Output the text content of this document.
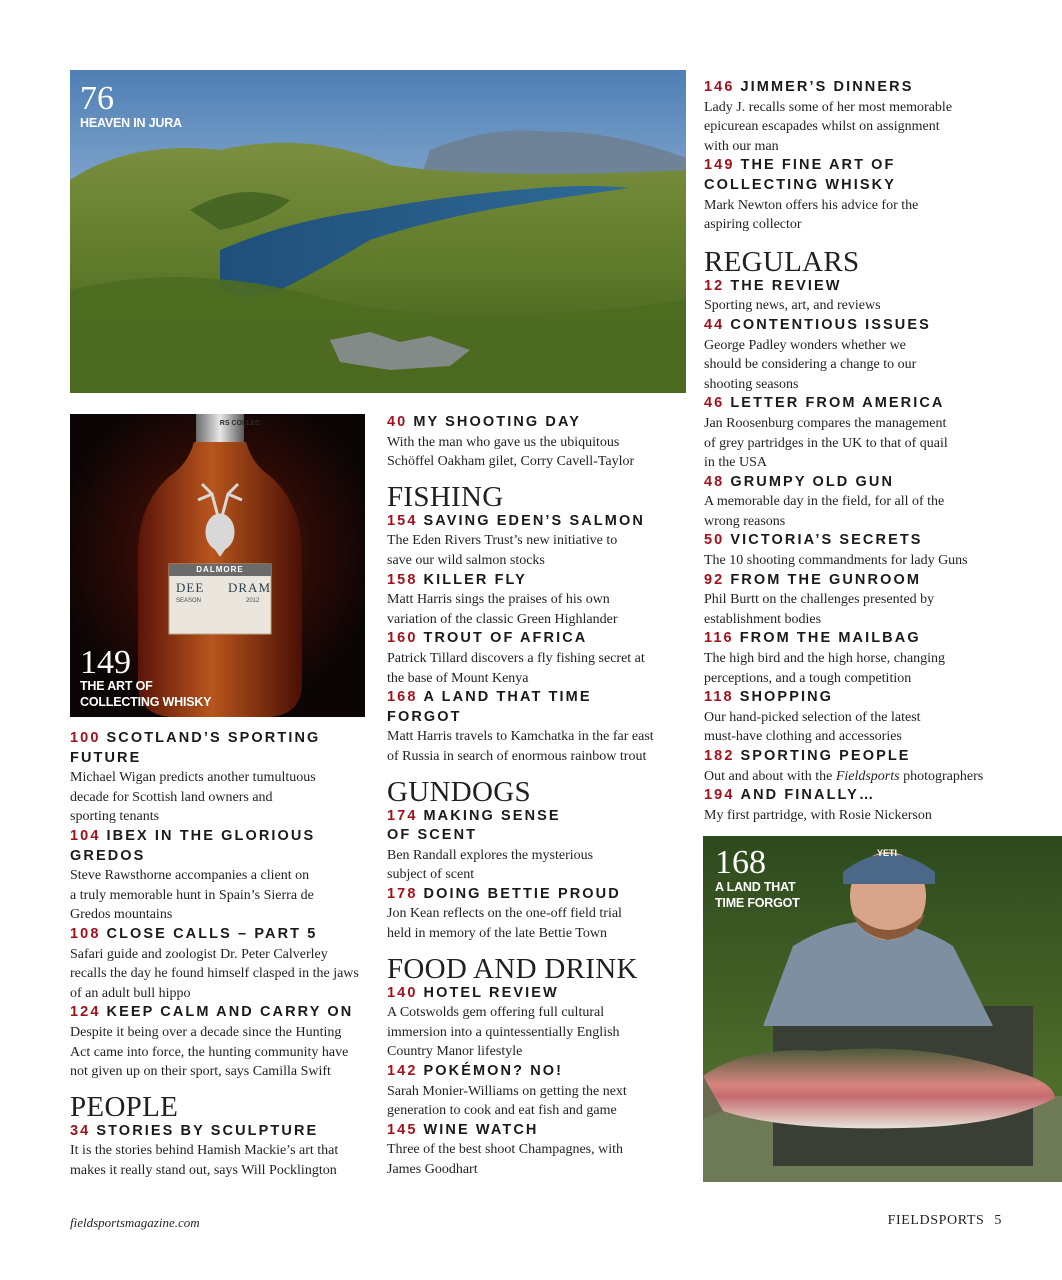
76
HEAVEN IN JURA
RS COLLEC
DALMORE
DEE DRAM
SEASON	2012
149
THE ART OF
COLLECTING WHISKY
YETI
168
A LAND THAT
TIME FORGOT
100 SCOTLAND’S SPORTING
FUTURE
Michael Wigan predicts another tumultuous
decade for Scottish land owners and
sporting tenants
104 IBEX IN THE GLORIOUS
GREDOS
Steve Rawsthorne accompanies a client on
a truly memorable hunt in Spain’s Sierra de
Gredos mountains
108 CLOSE CALLS – PART 5
Safari guide and zoologist Dr. Peter Calverley
recalls the day he found himself clasped in the jaws
of an adult bull hippo
124 KEEP CALM AND CARRY ON
Despite it being over a decade since the Hunting
Act came into force, the hunting community have
not given up on their sport, says Camilla Swift
PEOPLE
34 STORIES BY SCULPTURE
It is the stories behind Hamish Mackie’s art that
makes it really stand out, says Will Pocklington
40 MY SHOOTING DAY
With the man who gave us the ubiquitous
Schöffel Oakham gilet, Corry Cavell-Taylor
FISHING
154 SAVING EDEN’S SALMON
The Eden Rivers Trust’s new initiative to
save our wild salmon stocks
158 KILLER FLY
Matt Harris sings the praises of his own
variation of the classic Green Highlander
160 TROUT OF AFRICA
Patrick Tillard discovers a fly fishing secret at
the base of Mount Kenya
168 A LAND THAT TIME
FORGOT
Matt Harris travels to Kamchatka in the far east
of Russia in search of enormous rainbow trout
GUNDOGS
174 MAKING SENSE
OF SCENT
Ben Randall explores the mysterious
subject of scent
178 DOING BETTIE PROUD
Jon Kean reflects on the one-off field trial
held in memory of the late Bettie Town
FOOD AND DRINK
140 HOTEL REVIEW
A Cotswolds gem offering full cultural
immersion into a quintessentially English
Country Manor lifestyle
142 POKÉMON? NO!
Sarah Monier-Williams on getting the next
generation to cook and eat fish and game
145 WINE WATCH
Three of the best shoot Champagnes, with
James Goodhart
146 JIMMER’S DINNERS
Lady J. recalls some of her most memorable
epicurean escapades whilst on assignment
with our man
149 THE FINE ART OF
COLLECTING WHISKY
Mark Newton offers his advice for the
aspiring collector
REGULARS
12 THE REVIEW
Sporting news, art, and reviews
44 CONTENTIOUS ISSUES
George Padley wonders whether we
should be considering a change to our
shooting seasons
46 LETTER FROM AMERICA
Jan Roosenburg compares the management
of grey partridges in the UK to that of quail
in the USA
48 GRUMPY OLD GUN
A memorable day in the field, for all of the
wrong reasons
50 VICTORIA’S SECRETS
The 10 shooting commandments for lady Guns
92 FROM THE GUNROOM
Phil Burtt on the challenges presented by
establishment bodies
116 FROM THE MAILBAG
The high bird and the high horse, changing
perceptions, and a tough competition
118 SHOPPING
Our hand-picked selection of the latest
must-have clothing and accessories
182 SPORTING PEOPLE
Out and about with the Fieldsports photographers
194 AND FINALLY…
My first partridge, with Rosie Nickerson
fieldsportsmagazine.com	FIELDSPORTS 5
